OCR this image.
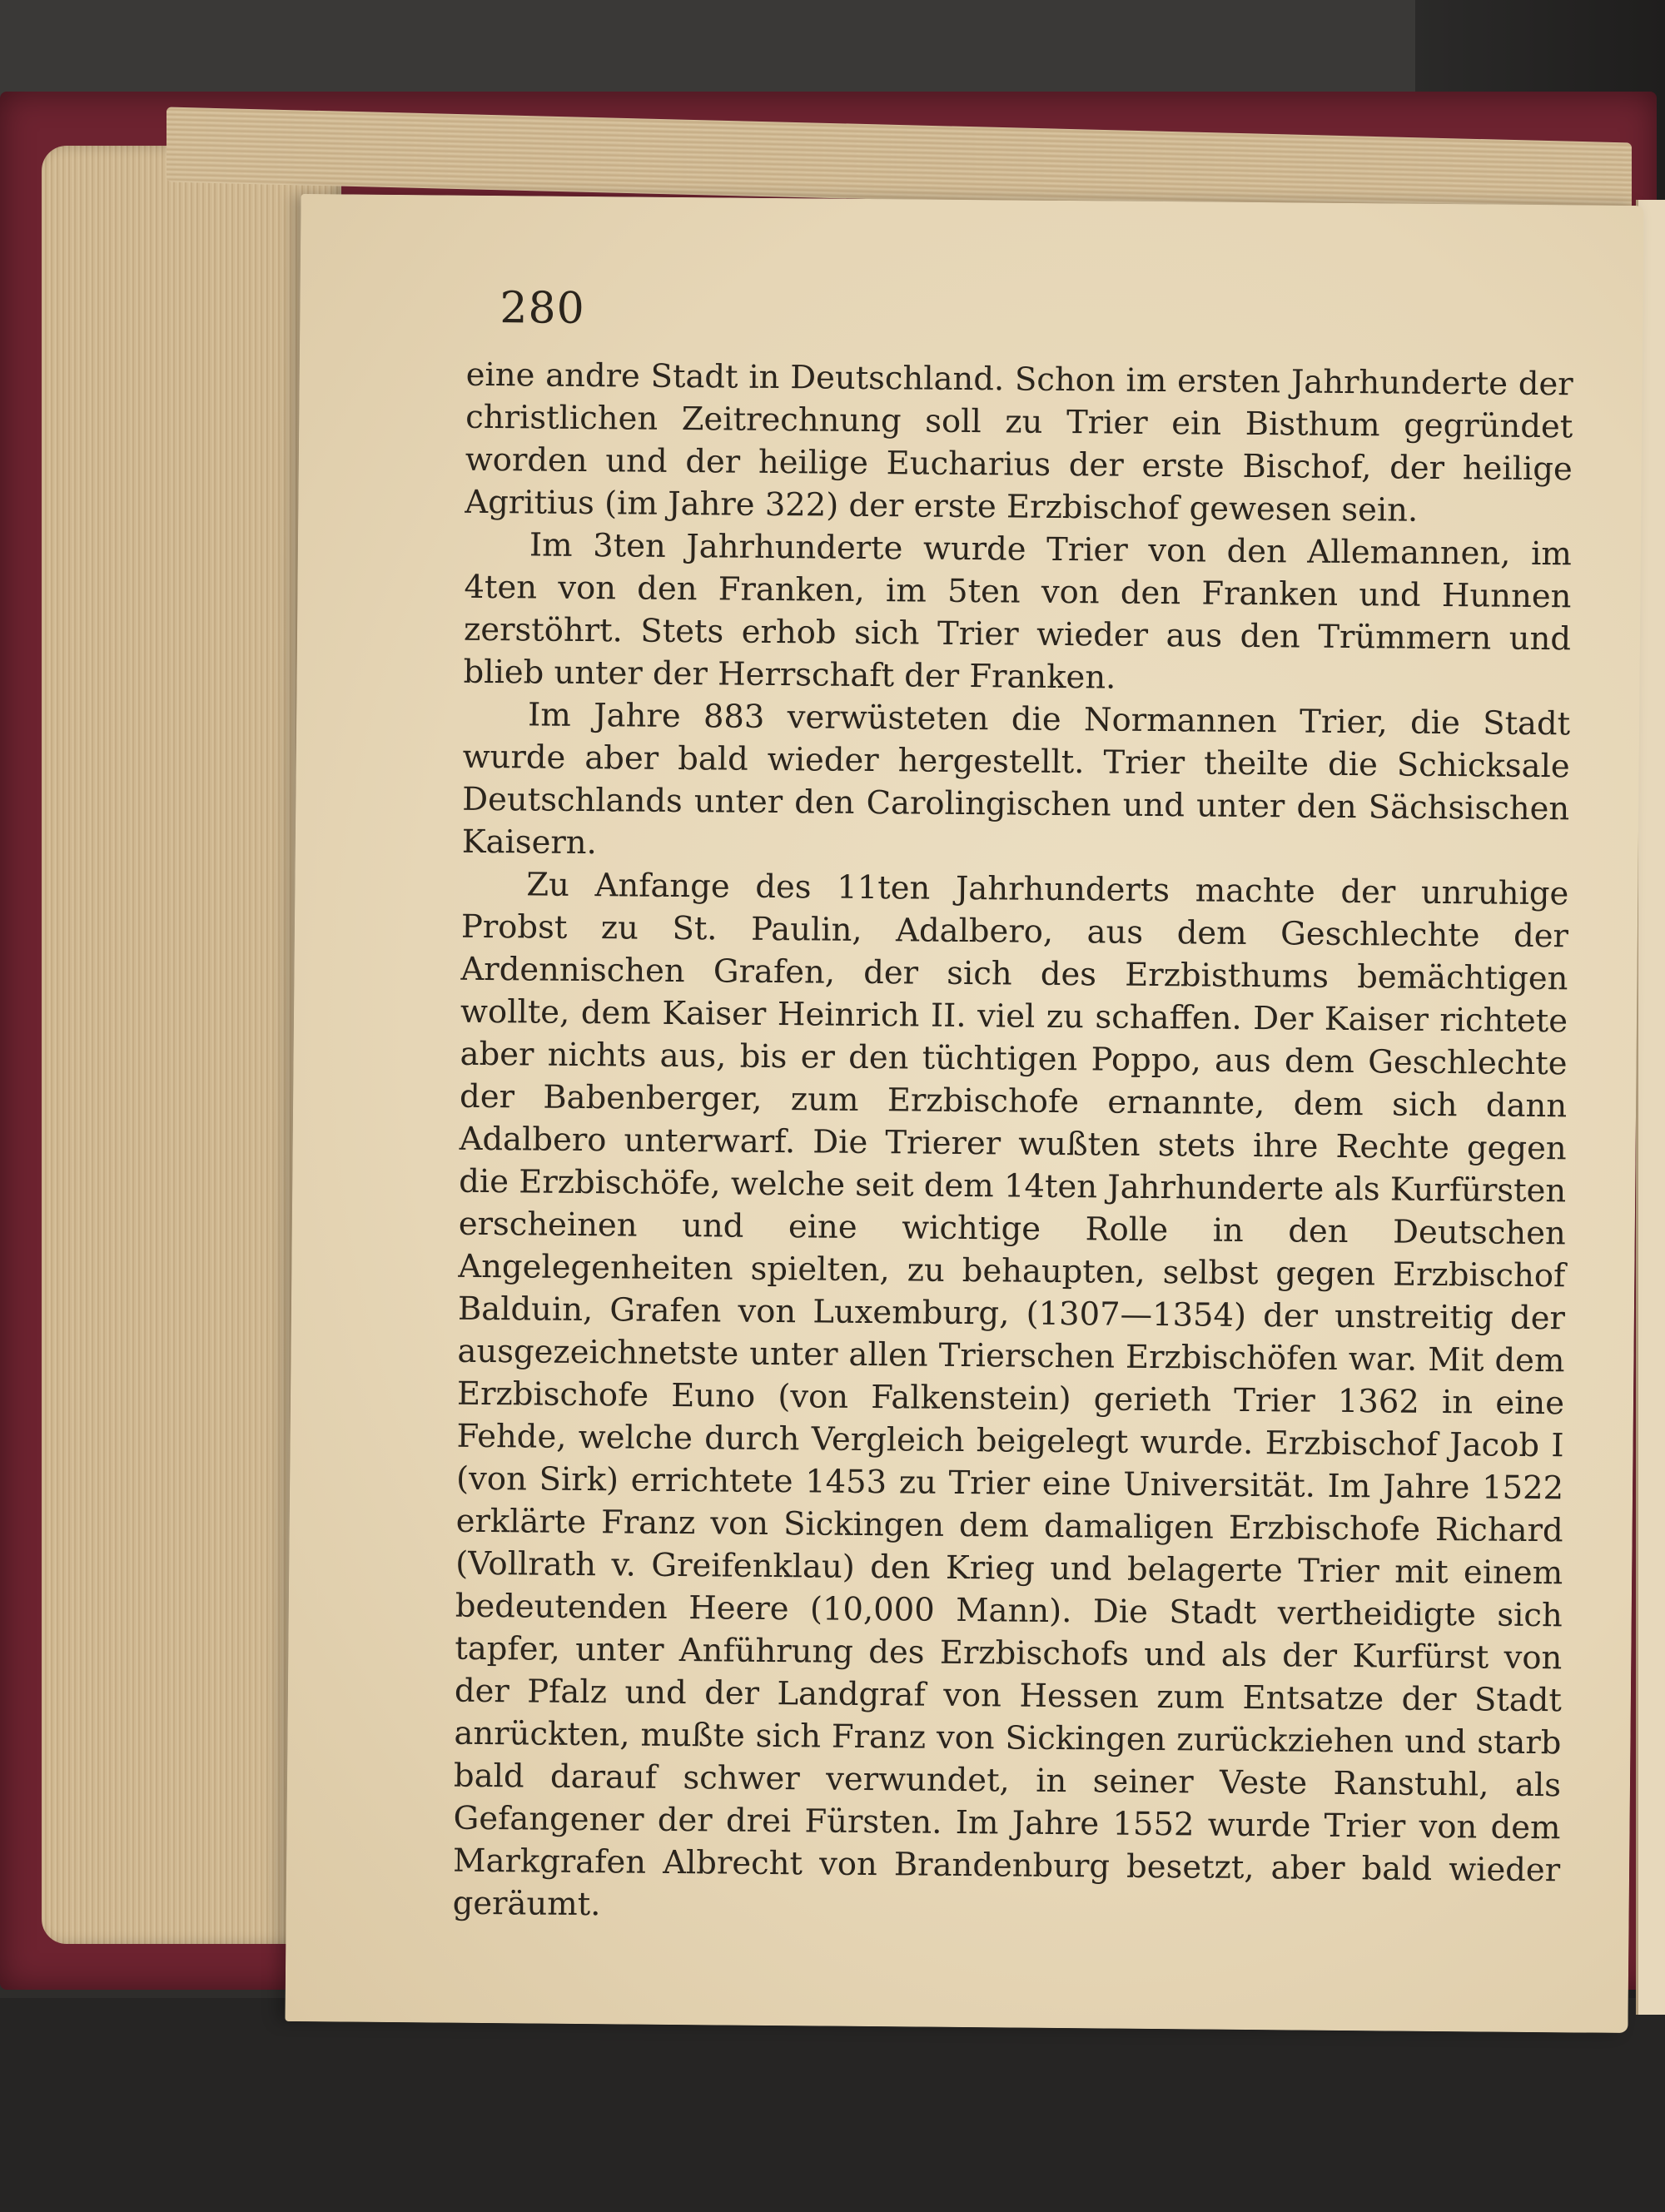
280

eine andre Stadt in Deutschland. Schon im ersten Jahrhunderte der christlichen Zeitrechnung soll zu Trier ein Bisthum gegründet worden und der heilige Eucharius der erste Bischof, der heilige Agritius (im Jahre 322) der erste Erzbischof gewesen sein.

Im 3ten Jahrhunderte wurde Trier von den Allemannen, im 4ten von den Franken, im 5ten von den Franken und Hunnen zerstöhrt. Stets erhob sich Trier wieder aus den Trümmern und blieb unter der Herrschaft der Franken.

Im Jahre 883 verwüsteten die Normannen Trier, die Stadt wurde aber bald wieder hergestellt. Trier theilte die Schicksale Deutschlands unter den Carolingischen und unter den Sächsischen Kaisern.

Zu Anfange des 11ten Jahrhunderts machte der unruhige Probst zu St. Paulin, Adalbero, aus dem Geschlechte der Ardennischen Grafen, der sich des Erzbisthums bemächtigen wollte, dem Kaiser Heinrich II. viel zu schaffen. Der Kaiser richtete aber nichts aus, bis er den tüchtigen Poppo, aus dem Geschlechte der Babenberger, zum Erzbischofe ernannte, dem sich dann Adalbero unterwarf. Die Trierer wußten stets ihre Rechte gegen die Erzbischöfe, welche seit dem 14ten Jahrhunderte als Kurfürsten erscheinen und eine wichtige Rolle in den Deutschen Angelegenheiten spielten, zu behaupten, selbst gegen Erzbischof Balduin, Grafen von Luxemburg, (1307—1354) der unstreitig der ausgezeichnetste unter allen Trierschen Erzbischöfen war. Mit dem Erzbischofe Euno (von Falkenstein) gerieth Trier 1362 in eine Fehde, welche durch Vergleich beigelegt wurde. Erzbischof Jacob I (von Sirk) errichtete 1453 zu Trier eine Universität. Im Jahre 1522 erklärte Franz von Sickingen dem damaligen Erzbischofe Richard (Vollrath v. Greifenklau) den Krieg und belagerte Trier mit einem bedeutenden Heere (10,000 Mann). Die Stadt vertheidigte sich tapfer, unter Anführung des Erzbischofs und als der Kurfürst von der Pfalz und der Landgraf von Hessen zum Entsatze der Stadt anrückten, mußte sich Franz von Sickingen zurückziehen und starb bald darauf schwer verwundet, in seiner Veste Ranstuhl, als Gefangener der drei Fürsten. Im Jahre 1552 wurde Trier von dem Markgrafen Albrecht von Brandenburg besetzt, aber bald wieder geräumt.
